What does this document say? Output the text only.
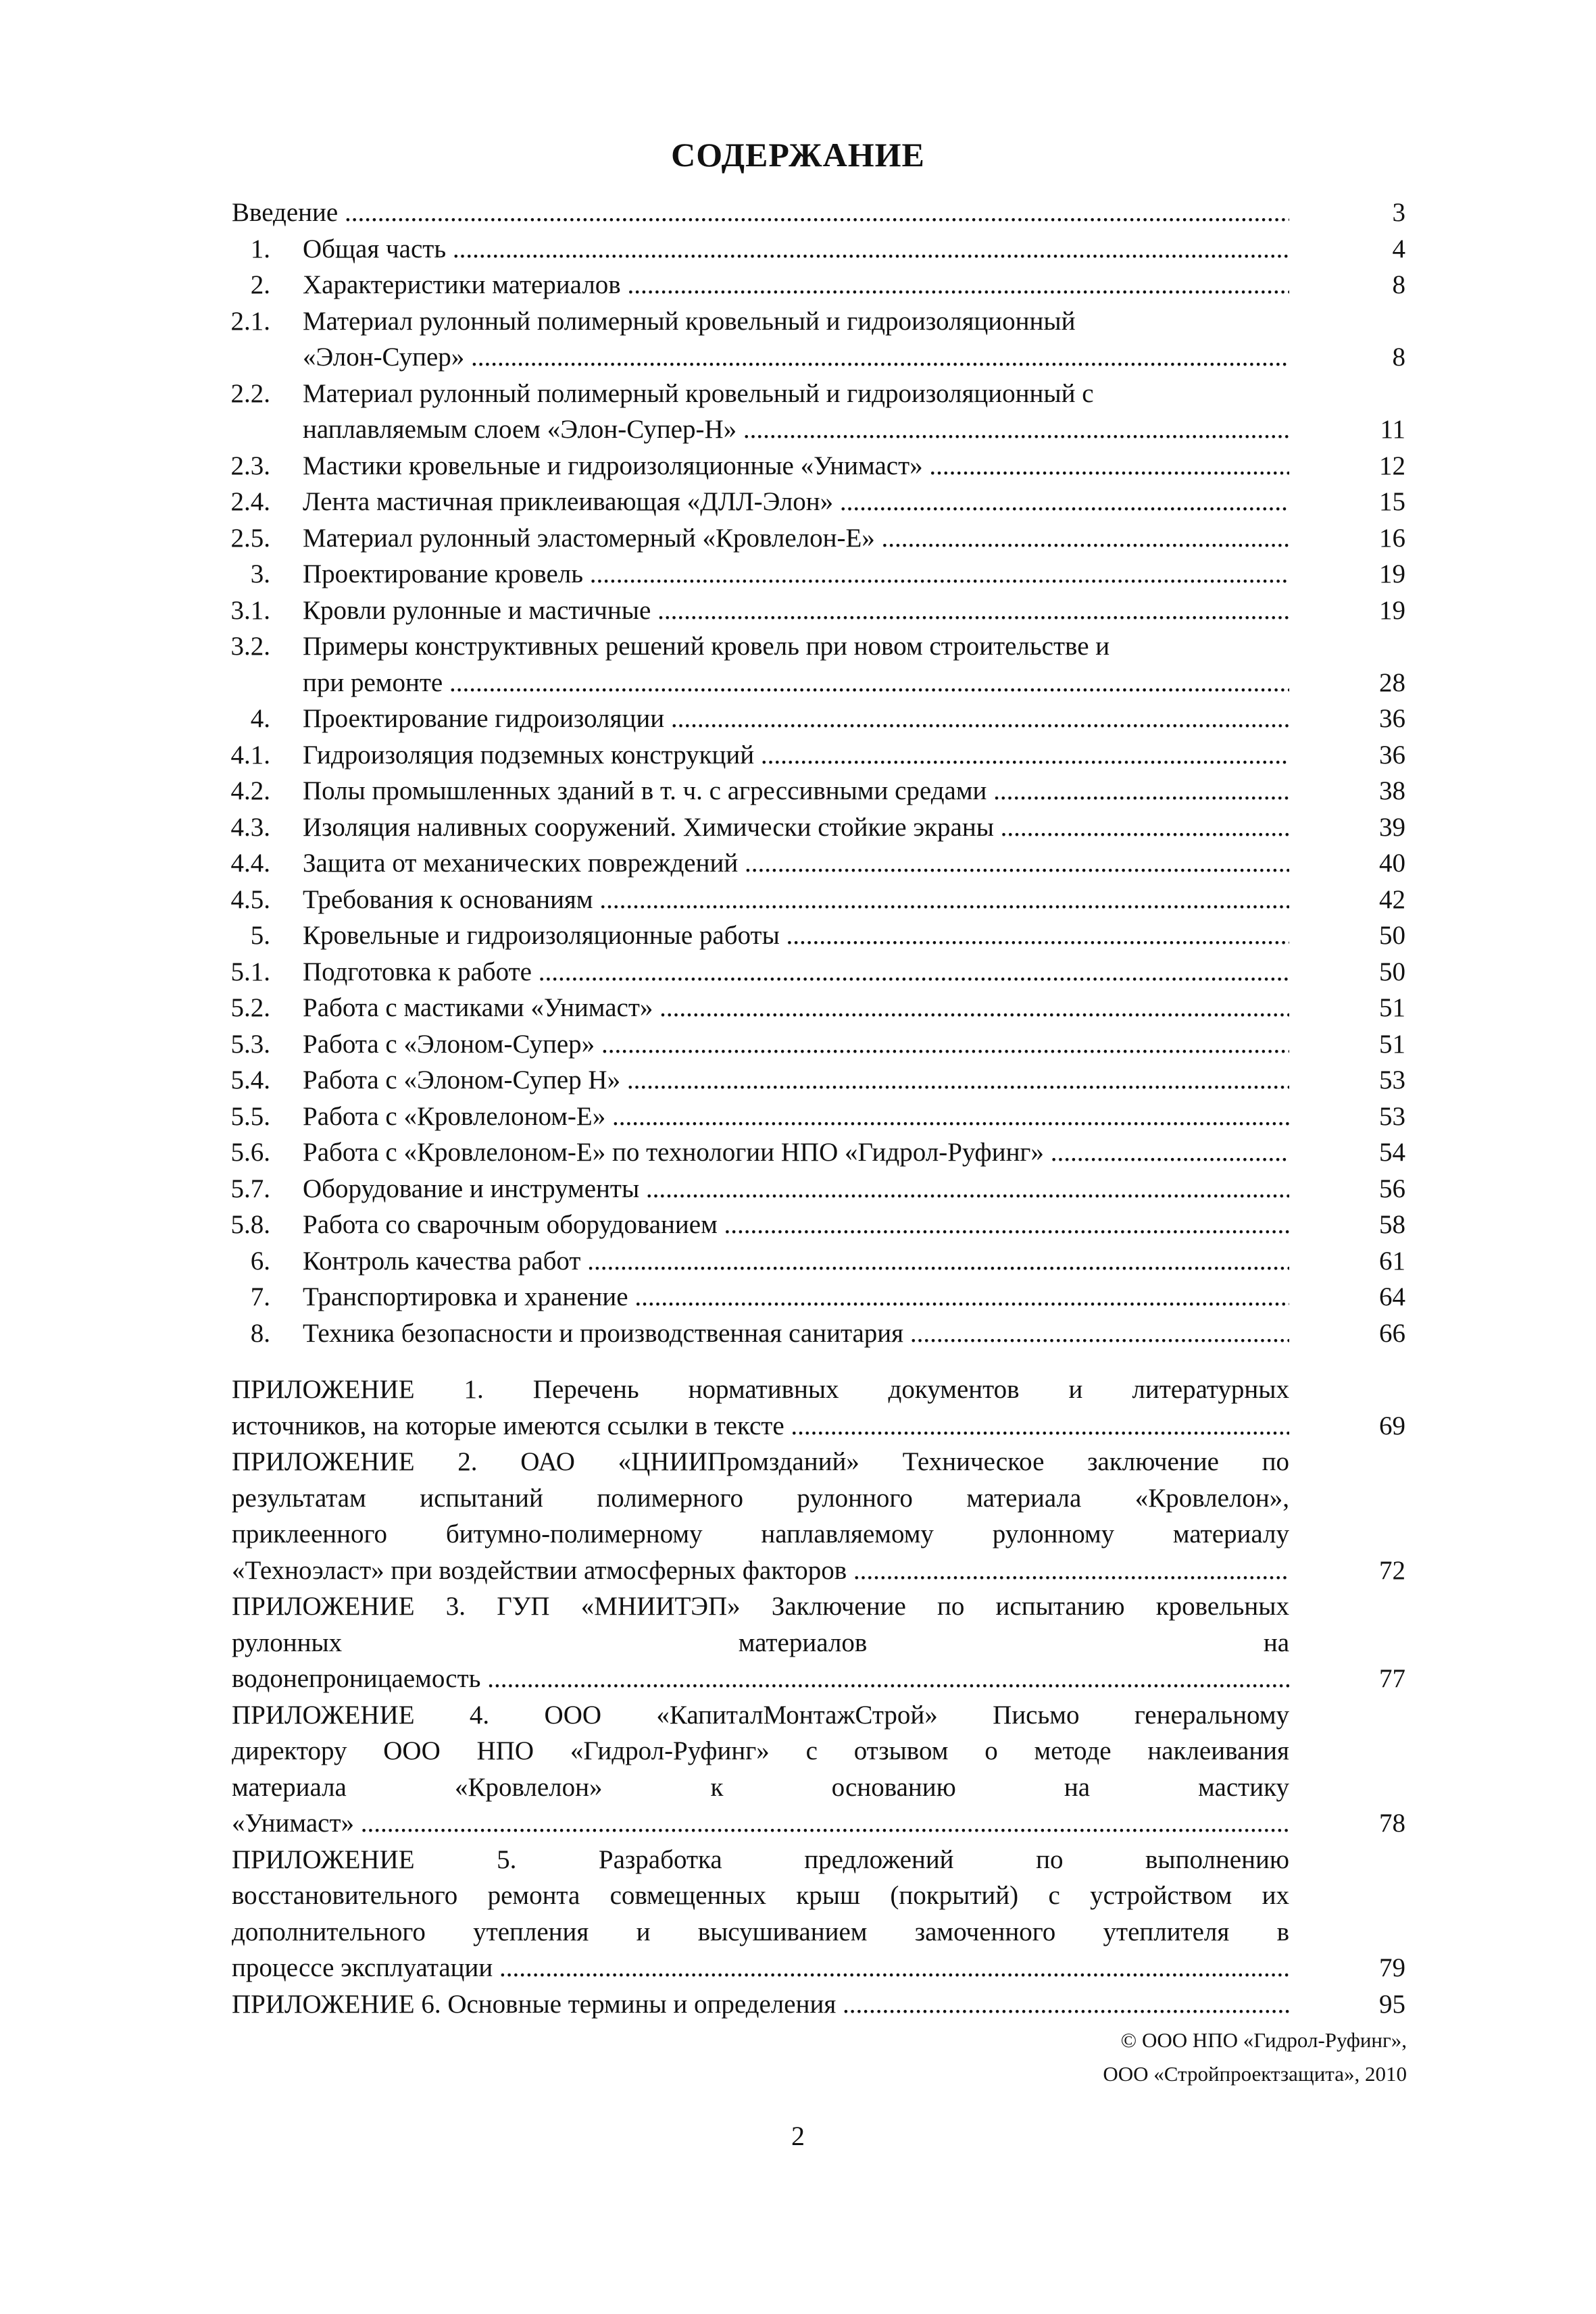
СОДЕРЖАНИЕ
Введение .....	3
1. Общая часть .....	4
2. Характеристики материалов .....	8
2.1. Материал рулонный полимерный кровельный и гидроизоляционный
«Элон-Супер» .....	8
2.2. Материал рулонный полимерный кровельный и гидроизоляционный с
наплавляемым слоем «Элон-Супер-Н» .....	11
2.3. Мастики кровельные и гидроизоляционные «Унимаст» .....	12
2.4. Лента мастичная приклеивающая «ДЛЛ-Элон» .....	15
2.5. Материал рулонный эластомерный «Кровлелон-Е» .....	16
3. Проектирование кровель .....	19
3.1. Кровли рулонные и мастичные .....	19
3.2. Примеры конструктивных решений кровель при новом строительстве и
при ремонте .....	28
4. Проектирование гидроизоляции .....	36
4.1. Гидроизоляция подземных конструкций .....	36
4.2. Полы промышленных зданий в т. ч. с агрессивными средами .....	38
4.3. Изоляция наливных сооружений. Химически стойкие экраны .....	39
4.4. Защита от механических повреждений .....	40
4.5. Требования к основаниям .....	42
5. Кровельные и гидроизоляционные работы .....	50
5.1. Подготовка к работе .....	50
5.2. Работа с мастиками «Унимаст» .....	51
5.3. Работа с «Элоном-Супер» .....	51
5.4. Работа с «Элоном-Супер Н» .....	53
5.5. Работа с «Кровлелоном-Е» .....	53
5.6. Работа с «Кровлелоном-Е» по технологии НПО «Гидрол-Руфинг» .....	54
5.7. Оборудование и инструменты .....	56
5.8. Работа со сварочным оборудованием .....	58
6. Контроль качества работ .....	61
7. Транспортировка и хранение .....	64
8. Техника безопасности и производственная санитария .....	66
ПРИЛОЖЕНИЕ 1. Перечень нормативных документов и литературных
источников, на которые имеются ссылки в тексте .....	69
ПРИЛОЖЕНИЕ 2. ОАО «ЦНИИПромзданий» Техническое заключение по
результатам испытаний полимерного рулонного материала «Кровлелон»,
приклеенного битумно-полимерному наплавляемому рулонному материалу
«Техноэласт» при воздействии атмосферных факторов .....	72
ПРИЛОЖЕНИЕ 3. ГУП «МНИИТЭП» Заключение по испытанию кровельных
рулонных материалов на
водонепроницаемость .....	77
ПРИЛОЖЕНИЕ 4. ООО «КапиталМонтажСтрой» Письмо генеральному
директору ООО НПО «Гидрол-Руфинг» с отзывом о методе наклеивания
материала «Кровлелон» к основанию на мастику
«Унимаст» .....	78
ПРИЛОЖЕНИЕ 5. Разработка предложений по выполнению
восстановительного ремонта совмещенных крыш (покрытий) с устройством их
дополнительного утепления и высушиванием замоченного утеплителя в
процессе эксплуатации .....	79
ПРИЛОЖЕНИЕ 6. Основные термины и определения .....	95
© ООО НПО «Гидрол-Руфинг»,
ООО «Стройпроектзащита», 2010
2
